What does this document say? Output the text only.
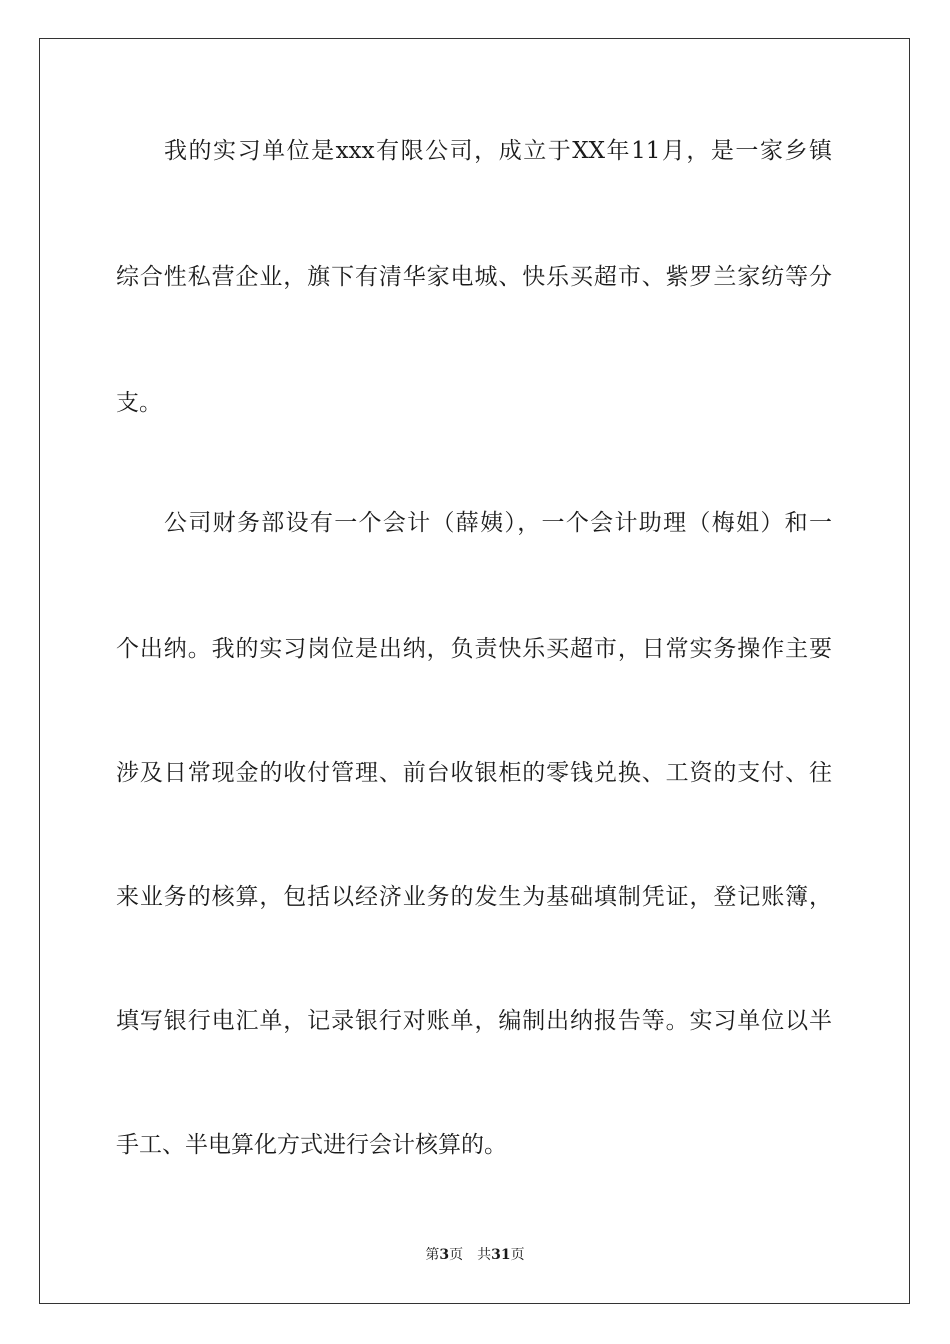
我的实习单位是xxx有限公司，成立于XX年11月，是一家乡镇
综合性私营企业，旗下有清华家电城、快乐买超市、紫罗兰家纺等分
支。
公司财务部设有一个会计（薛姨），一个会计助理（梅姐）和一
个出纳。我的实习岗位是出纳，负责快乐买超市，日常实务操作主要
涉及日常现金的收付管理、前台收银柜的零钱兑换、工资的支付、往
来业务的核算，包括以经济业务的发生为基础填制凭证，登记账簿，
填写银行电汇单，记录银行对账单，编制出纳报告等。实习单位以半
手工、半电算化方式进行会计核算的。
第3页 共31页
